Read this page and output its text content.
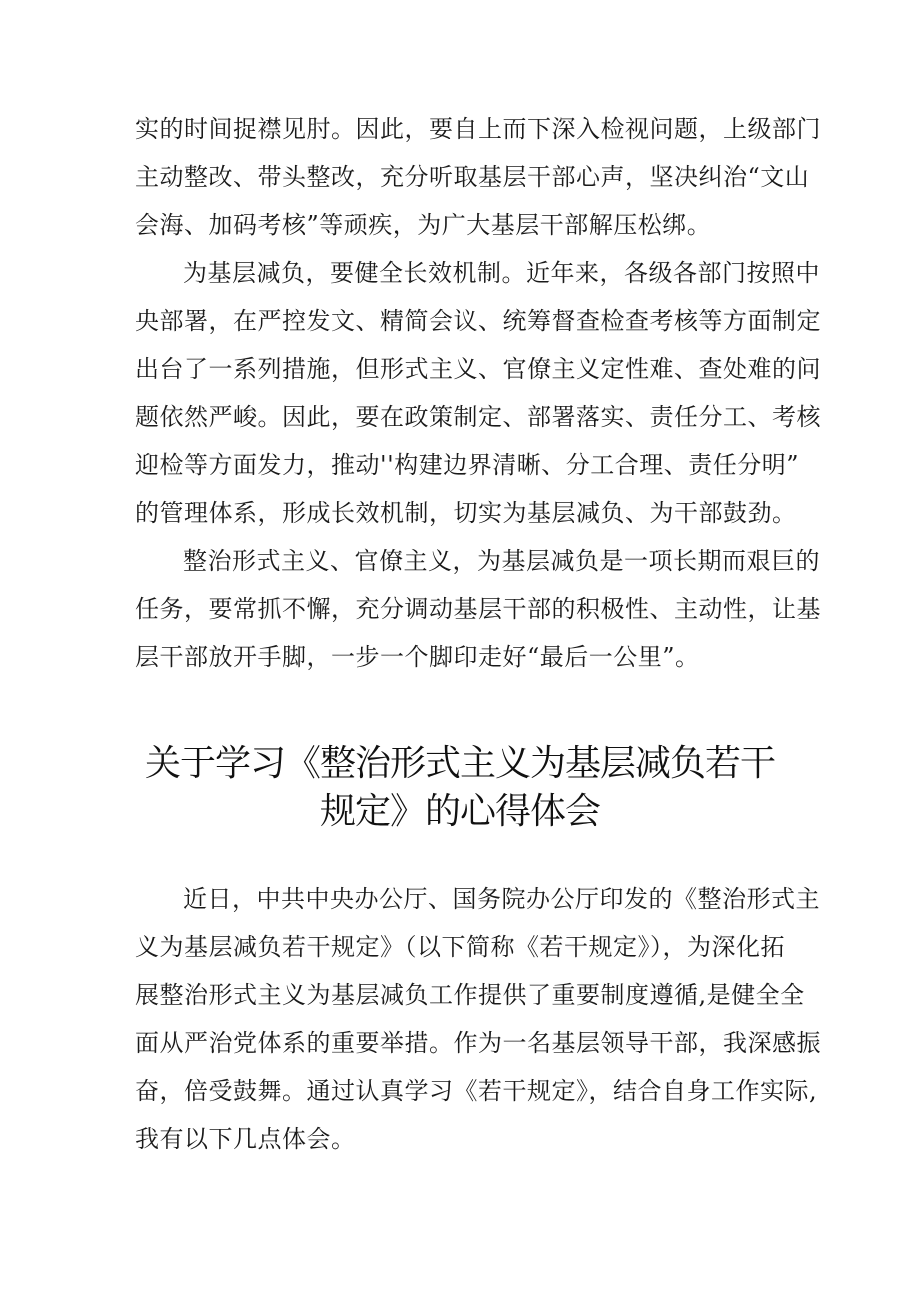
实的时间捉襟见肘。因此，要自上而下深入检视问题，上级部门
主动整改、带头整改，充分听取基层干部心声，坚决纠治“文山
会海、加码考核”等顽疾，为广大基层干部解压松绑。
为基层减负，要健全长效机制。近年来，各级各部门按照中
央部署，在严控发文、精简会议、统筹督查检查考核等方面制定
出台了一系列措施，但形式主义、官僚主义定性难、查处难的问
题依然严峻。因此，要在政策制定、部署落实、责任分工、考核
迎检等方面发力，推动''构建边界清晰、分工合理、责任分明”
的管理体系，形成长效机制，切实为基层减负、为干部鼓劲。
整治形式主义、官僚主义，为基层减负是一项长期而艰巨的
任务，要常抓不懈，充分调动基层干部的积极性、主动性，让基
层干部放开手脚，一步一个脚印走好“最后一公里”。
关于学习《整治形式主义为基层减负若干
规定》的心得体会
近日，中共中央办公厅、国务院办公厅印发的《整治形式主
义为基层减负若干规定》（以下简称《若干规定》），为深化拓
展整治形式主义为基层减负工作提供了重要制度遵循,是健全全
面从严治党体系的重要举措。作为一名基层领导干部，我深感振
奋，倍受鼓舞。通过认真学习《若干规定》，结合自身工作实际,
我有以下几点体会。
